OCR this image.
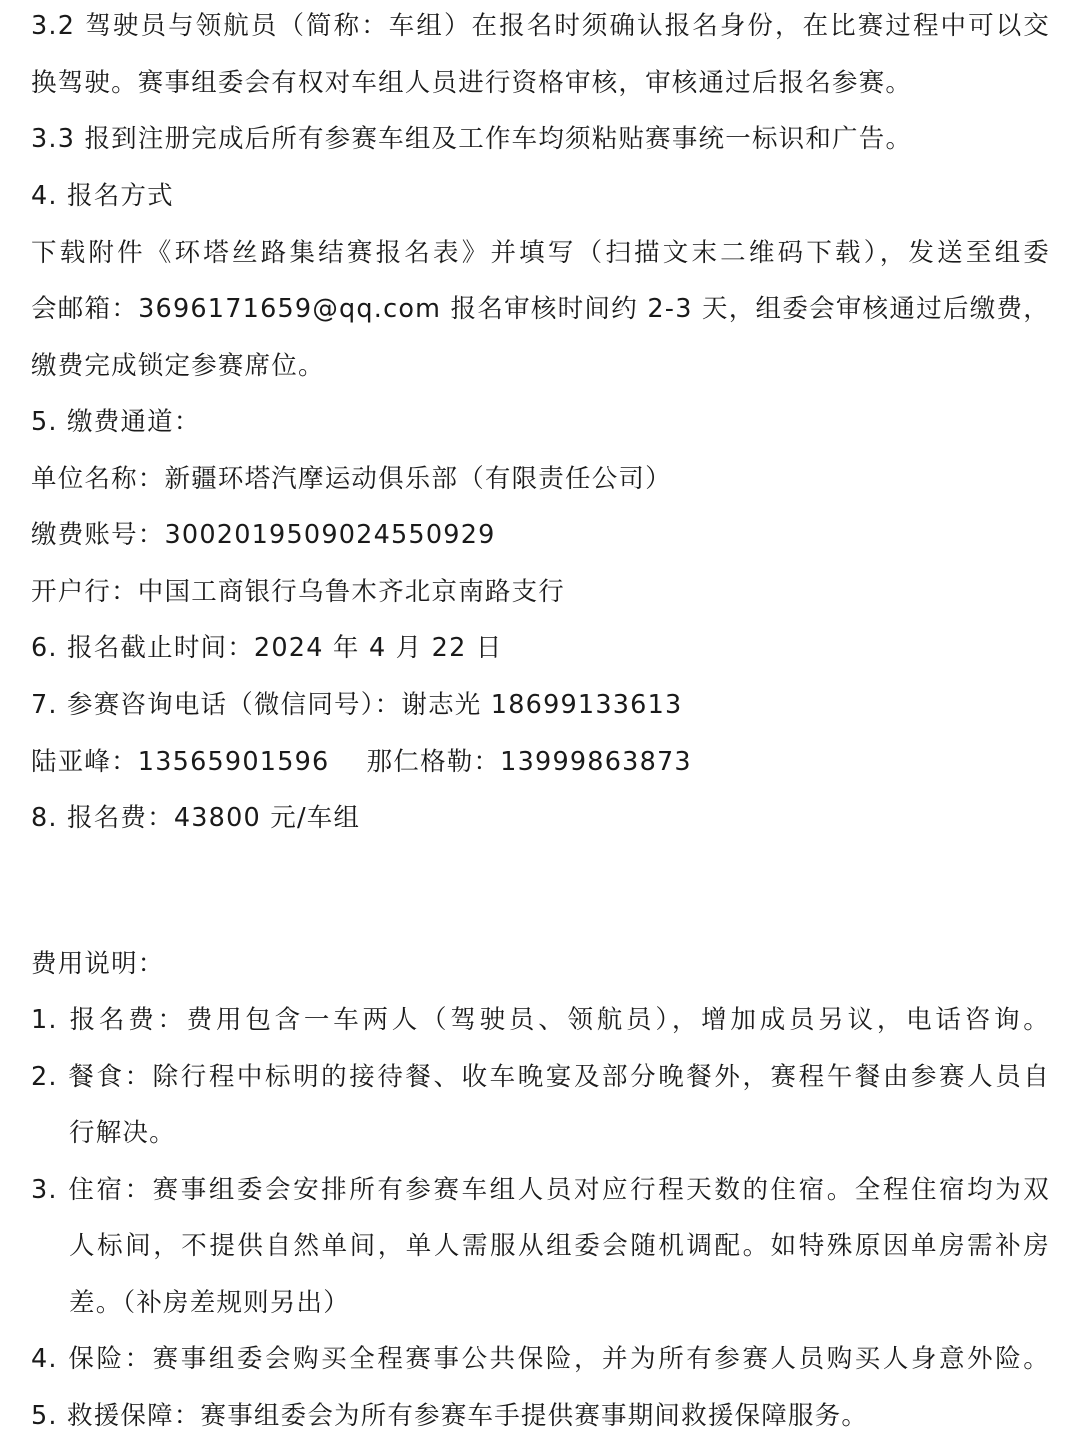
3.2 驾驶员与领航员（简称：车组）在报名时须确认报名身份，在比赛过程中可以交
换驾驶。赛事组委会有权对车组人员进行资格审核，审核通过后报名参赛。
3.3 报到注册完成后所有参赛车组及工作车均须粘贴赛事统一标识和广告。
4. 报名方式
下载附件《环塔丝路集结赛报名表》并填写（扫描文末二维码下载），发送至组委
会邮箱：3696171659@qq.com 报名审核时间约 2-3 天，组委会审核通过后缴费，
缴费完成锁定参赛席位。
5. 缴费通道：
单位名称：新疆环塔汽摩运动俱乐部（有限责任公司）
缴费账号：3002019509024550929
开户行：中国工商银行乌鲁木齐北京南路支行
6. 报名截止时间：2024 年 4 月 22 日
7. 参赛咨询电话（微信同号）：谢志光 18699133613
陆亚峰：13565901596    那仁格勒：13999863873
8. 报名费：43800 元/车组
费用说明：
1. 报名费：费用包含一车两人（驾驶员、领航员），增加成员另议，电话咨询。
2. 餐食：除行程中标明的接待餐、收车晚宴及部分晚餐外，赛程午餐由参赛人员自
行解决。
3. 住宿：赛事组委会安排所有参赛车组人员对应行程天数的住宿。全程住宿均为双
人标间，不提供自然单间，单人需服从组委会随机调配。如特殊原因单房需补房
差。（补房差规则另出）
4. 保险：赛事组委会购买全程赛事公共保险，并为所有参赛人员购买人身意外险。
5. 救援保障：赛事组委会为所有参赛车手提供赛事期间救援保障服务。
